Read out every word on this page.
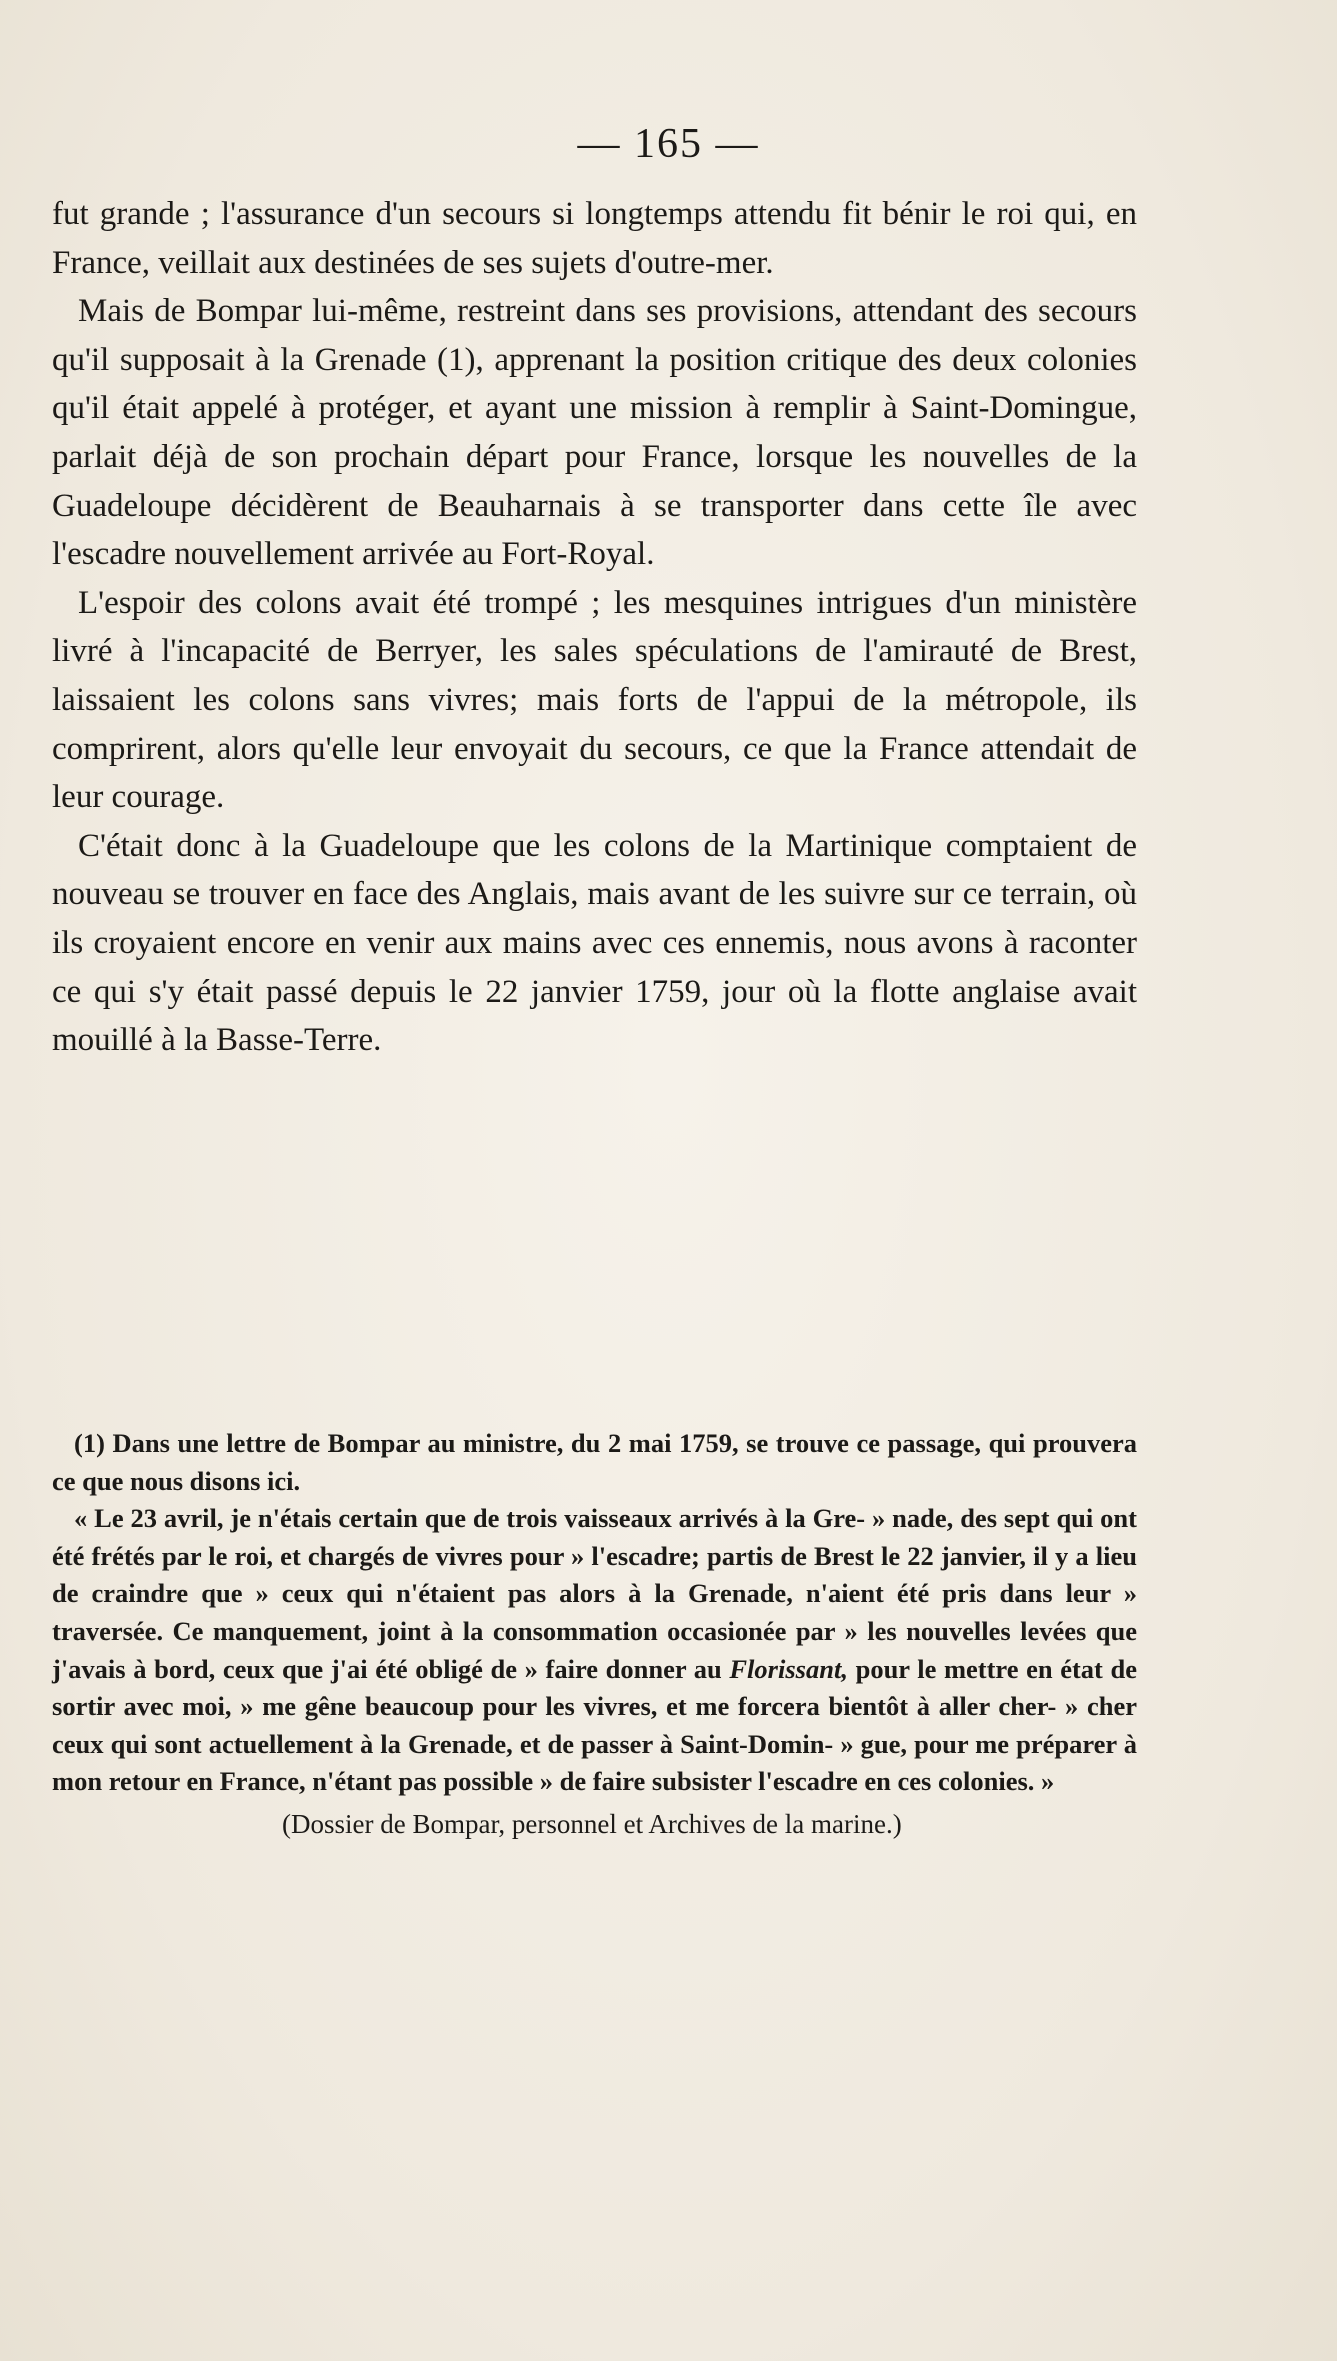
— 165 —

fut grande ; l'assurance d'un secours si longtemps attendu fit bénir le roi qui, en France, veillait aux destinées de ses sujets d'outre-mer.

Mais de Bompar lui-même, restreint dans ses provisions, attendant des secours qu'il supposait à la Grenade (1), apprenant la position critique des deux colonies qu'il était appelé à protéger, et ayant une mission à remplir à Saint-Domingue, parlait déjà de son prochain départ pour France, lorsque les nouvelles de la Guadeloupe décidèrent de Beauharnais à se transporter dans cette île avec l'escadre nouvellement arrivée au Fort-Royal.

L'espoir des colons avait été trompé ; les mesquines intrigues d'un ministère livré à l'incapacité de Berryer, les sales spéculations de l'amirauté de Brest, laissaient les colons sans vivres; mais forts de l'appui de la métropole, ils comprirent, alors qu'elle leur envoyait du secours, ce que la France attendait de leur courage.

C'était donc à la Guadeloupe que les colons de la Martinique comptaient de nouveau se trouver en face des Anglais, mais avant de les suivre sur ce terrain, où ils croyaient encore en venir aux mains avec ces ennemis, nous avons à raconter ce qui s'y était passé depuis le 22 janvier 1759, jour où la flotte anglaise avait mouillé à la Basse-Terre.

(1) Dans une lettre de Bompar au ministre, du 2 mai 1759, se trouve ce passage, qui prouvera ce que nous disons ici.

« Le 23 avril, je n'étais certain que de trois vaisseaux arrivés à la Gre- » nade, des sept qui ont été frétés par le roi, et chargés de vivres pour » l'escadre; partis de Brest le 22 janvier, il y a lieu de craindre que » ceux qui n'étaient pas alors à la Grenade, n'aient été pris dans leur » traversée. Ce manquement, joint à la consommation occasionée par » les nouvelles levées que j'avais à bord, ceux que j'ai été obligé de » faire donner au Florissant, pour le mettre en état de sortir avec moi, » me gêne beaucoup pour les vivres, et me forcera bientôt à aller cher- » cher ceux qui sont actuellement à la Grenade, et de passer à Saint-Domin- » gue, pour me préparer à mon retour en France, n'étant pas possible » de faire subsister l'escadre en ces colonies. »

(Dossier de Bompar, personnel et Archives de la marine.)
